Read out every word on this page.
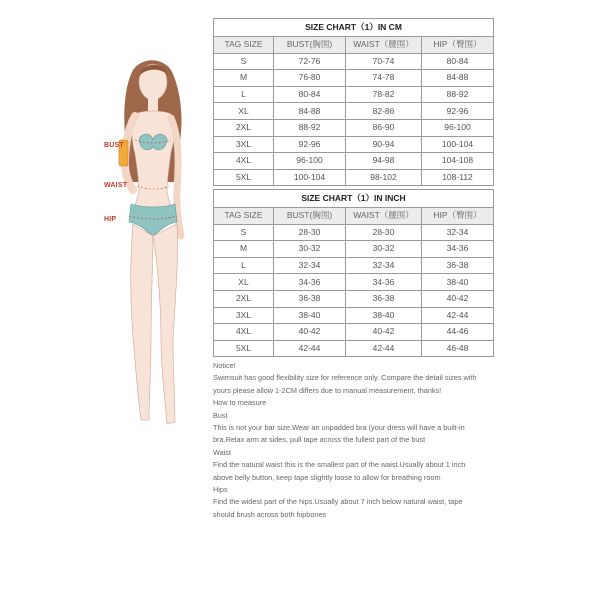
BUST
WAIST
HIP
SIZE CHART（1）IN CM			
TAG SIZE	BUST(胸围)	WAIST（腰围）	HIP（臀围）
S	72-76	70-74	80-84
M	76-80	74-78	84-88
L	80-84	78-82	88-92
XL	84-88	82-86	92-96
2XL	88-92	86-90	96-100
3XL	92-96	90-94	100-104
4XL	96-100	94-98	104-108
5XL	100-104	98-102	108-112
SIZE CHART（1）IN INCH			
TAG SIZE	BUST(胸围)	WAIST（腰围）	HIP（臀围）
S	28-30	28-30	32-34
M	30-32	30-32	34-36
L	32-34	32-34	36-38
XL	34-36	34-36	38-40
2XL	36-38	36-38	40-42
3XL	38-40	38-40	42-44
4XL	40-42	40-42	44-46
5XL	42-44	42-44	46-48
Notice!
Swimsuit has good flexibility size for reference only. Compare the detail sizes with
yours please allow 1-2CM differs due to manual measurement, thanks!
How to measure
Bust
This is not your bar size.Wear an unpadded bra (your dress will have a built-in
bra.Relax arm at sides, pull tape across the fullest part of the bust
Waist
Find the natural waist this is the smallest part of the waist.Usually about 1 inch
above belly button, keep tape slightly loose to allow for breathing room
Hips
Find the widest part of the hips.Usually about 7 inch below natural waist, tape
should brush across both hipbones
